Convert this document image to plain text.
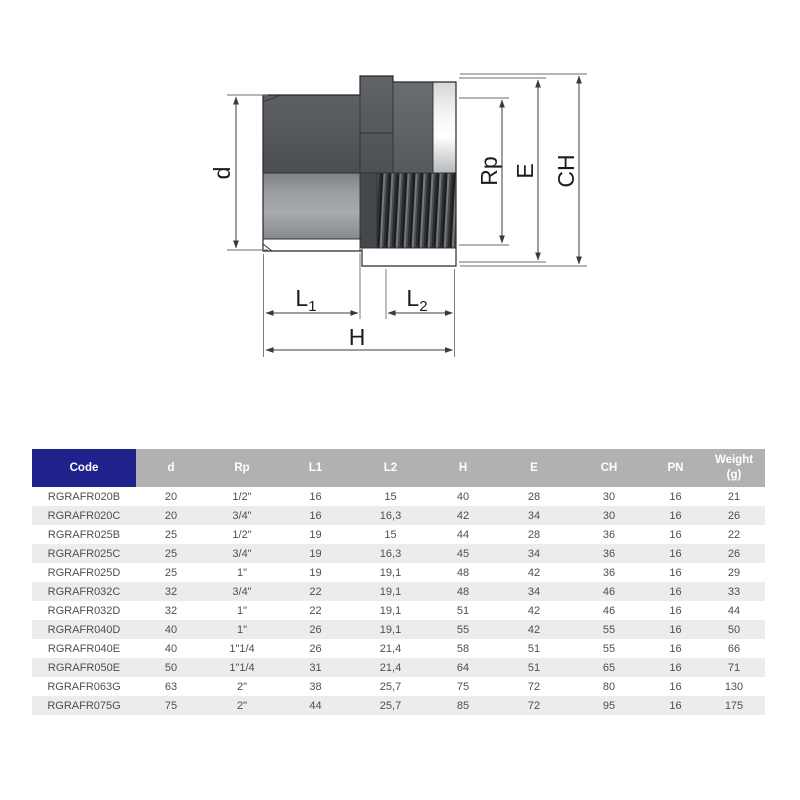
d	Rp E CH
$L_1$	$L_2$
H
Code	d	Rp	L1	L2	H	E	CH	PN	Weight
(g)

RGRAFR020B	20	1/2"	16	15	40	28	30	16	21
RGRAFR020C	20	3/4"	16	16,3	42	34	30	16	26
RGRAFR025B	25	1/2"	19	15	44	28	36	16	22
RGRAFR025C	25	3/4"	19	16,3	45	34	36	16	26
RGRAFR025D	25	1"	19	19,1	48	42	36	16	29
RGRAFR032C	32	3/4"	22	19,1	48	34	46	16	33
RGRAFR032D	32	1"	22	19,1	51	42	46	16	44
RGRAFR040D	40	1"	26	19,1	55	42	55	16	50
RGRAFR040E	40	1"1/4	26	21,4	58	51	55	16	66
RGRAFR050E	50	1"1/4	31	21,4	64	51	65	16	71
RGRAFR063G	63	2"	38	25,7	75	72	80	16	130
RGRAFR075G	75	2"	44	25,7	85	72	95	16	175
